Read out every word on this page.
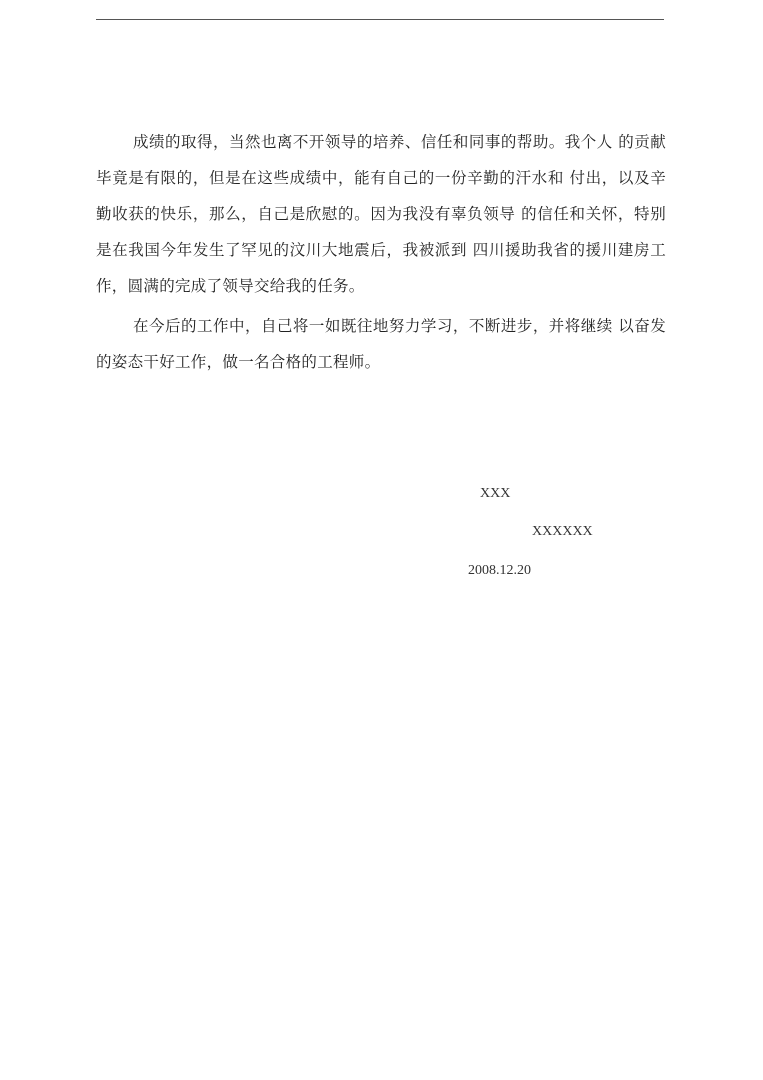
成绩的取得，当然也离不开领导的培养、信任和同事的帮助。我个人 的贡献毕竟是有限的，但是在这些成绩中，能有自己的一份辛勤的汗水和 付出，以及辛勤收获的快乐，那么，自己是欣慰的。因为我没有辜负领导 的信任和关怀，特别是在我国今年发生了罕见的汶川大地震后，我被派到 四川援助我省的援川建房工作，圆满的完成了领导交给我的任务。

在今后的工作中，自己将一如既往地努力学习，不断进步，并将继续 以奋发的姿态干好工作，做一名合格的工程师。

XXX
XXXXXX
2008.12.20
